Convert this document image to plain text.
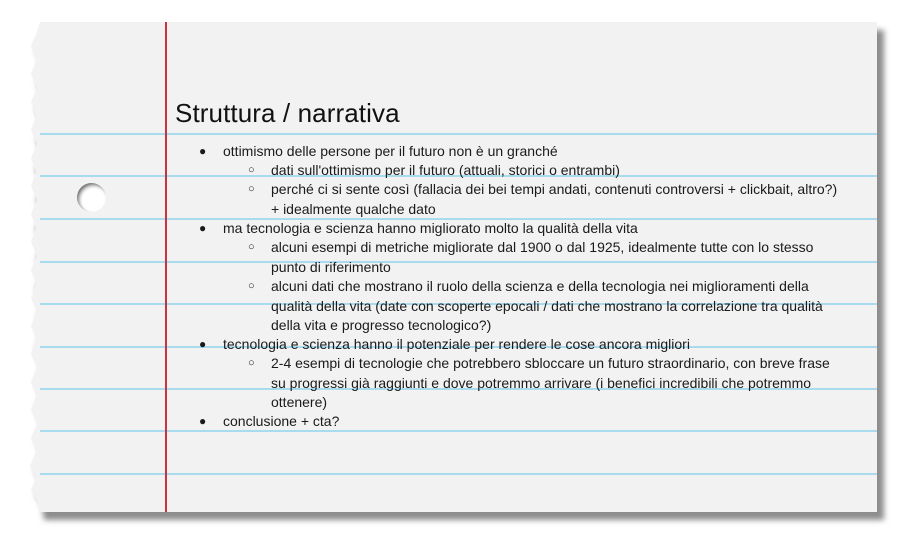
Struttura / narrativa
● ottimismo delle persone per il futuro non è un granché
○ dati sull'ottimismo per il futuro (attuali, storici o entrambi)
○ perché ci si sente così (fallacia dei bei tempi andati, contenuti controversi + clickbait, altro?) + idealmente qualche dato
● ma tecnologia e scienza hanno migliorato molto la qualità della vita
○ alcuni esempi di metriche migliorate dal 1900 o dal 1925, idealmente tutte con lo stesso punto di riferimento
○ alcuni dati che mostrano il ruolo della scienza e della tecnologia nei miglioramenti della qualità della vita (date con scoperte epocali / dati che mostrano la correlazione tra qualità della vita e progresso tecnologico?)
● tecnologia e scienza hanno il potenziale per rendere le cose ancora migliori
○ 2-4 esempi di tecnologie che potrebbero sbloccare un futuro straordinario, con breve frase su progressi già raggiunti e dove potremmo arrivare (i benefici incredibili che potremmo ottenere)
● conclusione + cta?
